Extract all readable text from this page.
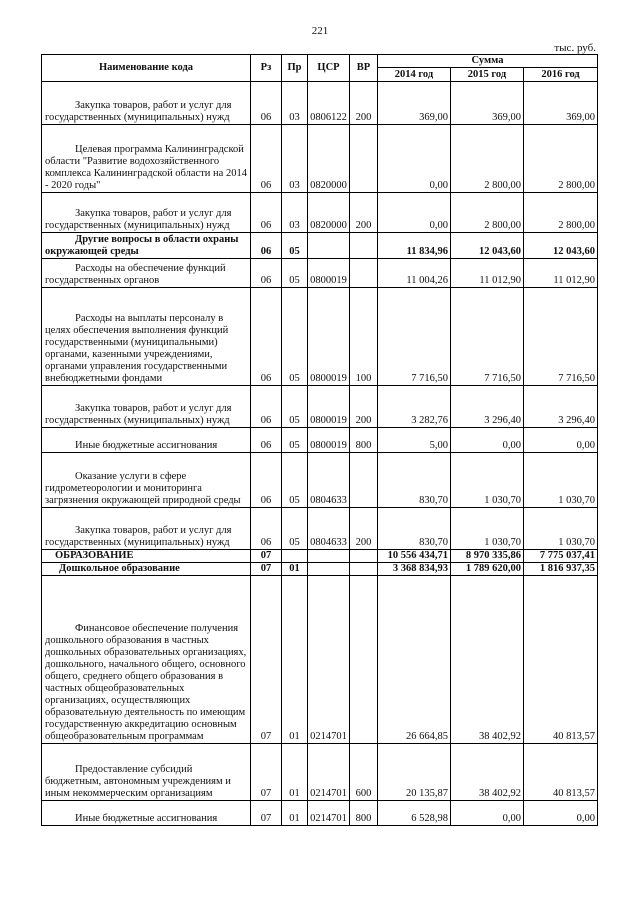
221
тыс. руб.
Наименование кода	Рз	Пр	ЦСР	ВР	Сумма		
					2014 год	2015 год	2016 год
Закупка товаров, работ и услуг для государственных (муниципальных) нужд	06	03	0806122	200	369,00	369,00	369,00
Целевая программа Калининградской области "Развитие водохозяйственного комплекса Калининградской области на 2014 - 2020 годы"	06	03	0820000		0,00	2 800,00	2 800,00
Закупка товаров, работ и услуг для государственных (муниципальных) нужд	06	03	0820000	200	0,00	2 800,00	2 800,00
Другие вопросы в области охраны окружающей среды	06	05			11 834,96	12 043,60	12 043,60
Расходы на обеспечение функций государственных органов	06	05	0800019		11 004,26	11 012,90	11 012,90
Расходы на выплаты персоналу в целях обеспечения выполнения функций государственными (муниципальными) органами, казенными учреждениями, органами управления государственными внебюджетными фондами	06	05	0800019	100	7 716,50	7 716,50	7 716,50
Закупка товаров, работ и услуг для государственных (муниципальных) нужд	06	05	0800019	200	3 282,76	3 296,40	3 296,40
Иные бюджетные ассигнования	06	05	0800019	800	5,00	0,00	0,00
Оказание услуги в сфере гидрометеорологии и мониторинга загрязнения окружающей природной среды	06	05	0804633		830,70	1 030,70	1 030,70
Закупка товаров, работ и услуг для государственных (муниципальных) нужд	06	05	0804633	200	830,70	1 030,70	1 030,70
ОБРАЗОВАНИЕ	07				10 556 434,71	8 970 335,86	7 775 037,41
Дошкольное образование	07	01			3 368 834,93	1 789 620,00	1 816 937,35
Финансовое обеспечение получения дошкольного образования в частных дошкольных образовательных организациях, дошкольного, начального общего, основного общего, среднего общего образования в частных общеобразовательных организациях, осуществляющих образовательную деятельность по имеющим государственную аккредитацию основным общеобразовательным программам	07	01	0214701		26 664,85	38 402,92	40 813,57
Предоставление субсидий бюджетным, автономным учреждениям и иным некоммерческим организациям	07	01	0214701	600	20 135,87	38 402,92	40 813,57
Иные бюджетные ассигнования	07	01	0214701	800	6 528,98	0,00	0,00
